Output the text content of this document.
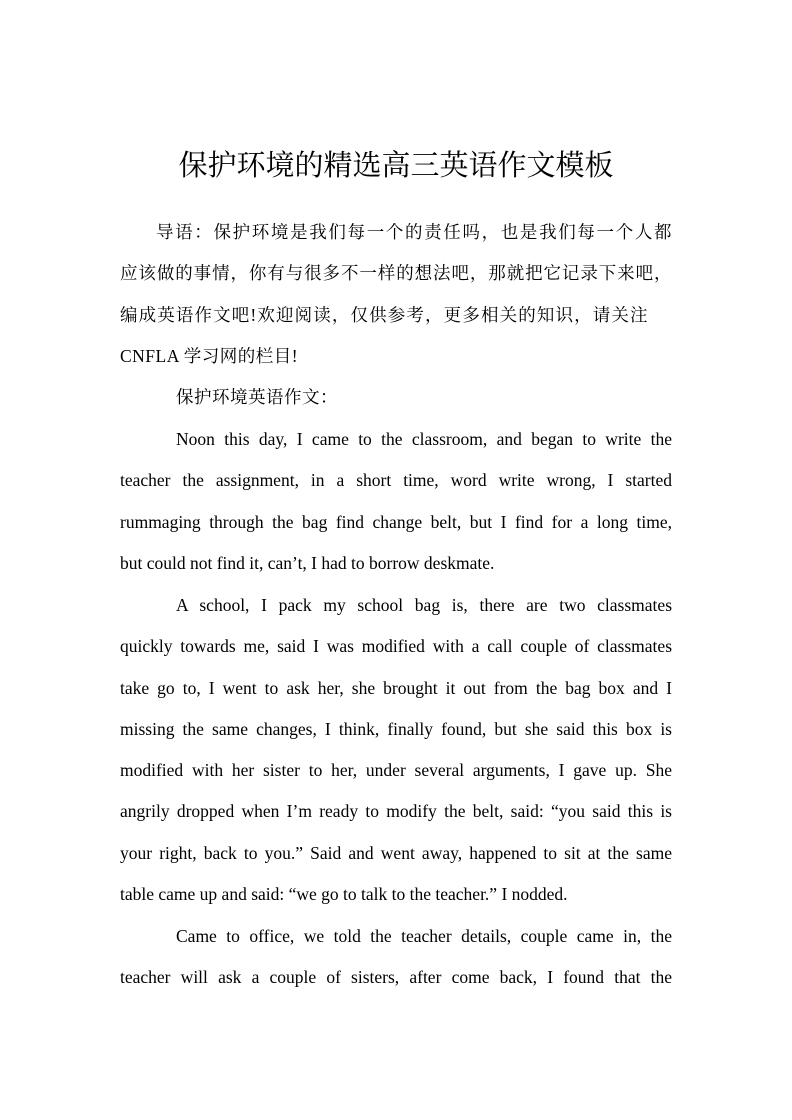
保护环境的精选高三英语作文模板
导语：保护环境是我们每一个的责任吗，也是我们每一个人都
应该做的事情，你有与很多不一样的想法吧，那就把它记录下来吧，
编成英语作文吧!欢迎阅读，仅供参考，更多相关的知识，请关注
CNFLA 学习网的栏目!
保护环境英语作文：
Noon this day, I came to the classroom, and began to write the
teacher the assignment, in a short time, word write wrong, I started
rummaging through the bag find change belt, but I find for a long time,
but could not find it, can’t, I had to borrow deskmate.
A school, I pack my school bag is, there are two classmates
quickly towards me, said I was modified with a call couple of classmates
take go to, I went to ask her, she brought it out from the bag box and I
missing the same changes, I think, finally found, but she said this box is
modified with her sister to her, under several arguments, I gave up. She
angrily dropped when I’m ready to modify the belt, said: “you said this is
your right, back to you.” Said and went away, happened to sit at the same
table came up and said: “we go to talk to the teacher.” I nodded.
Came to office, we told the teacher details, couple came in, the
teacher will ask a couple of sisters, after come back, I found that the
